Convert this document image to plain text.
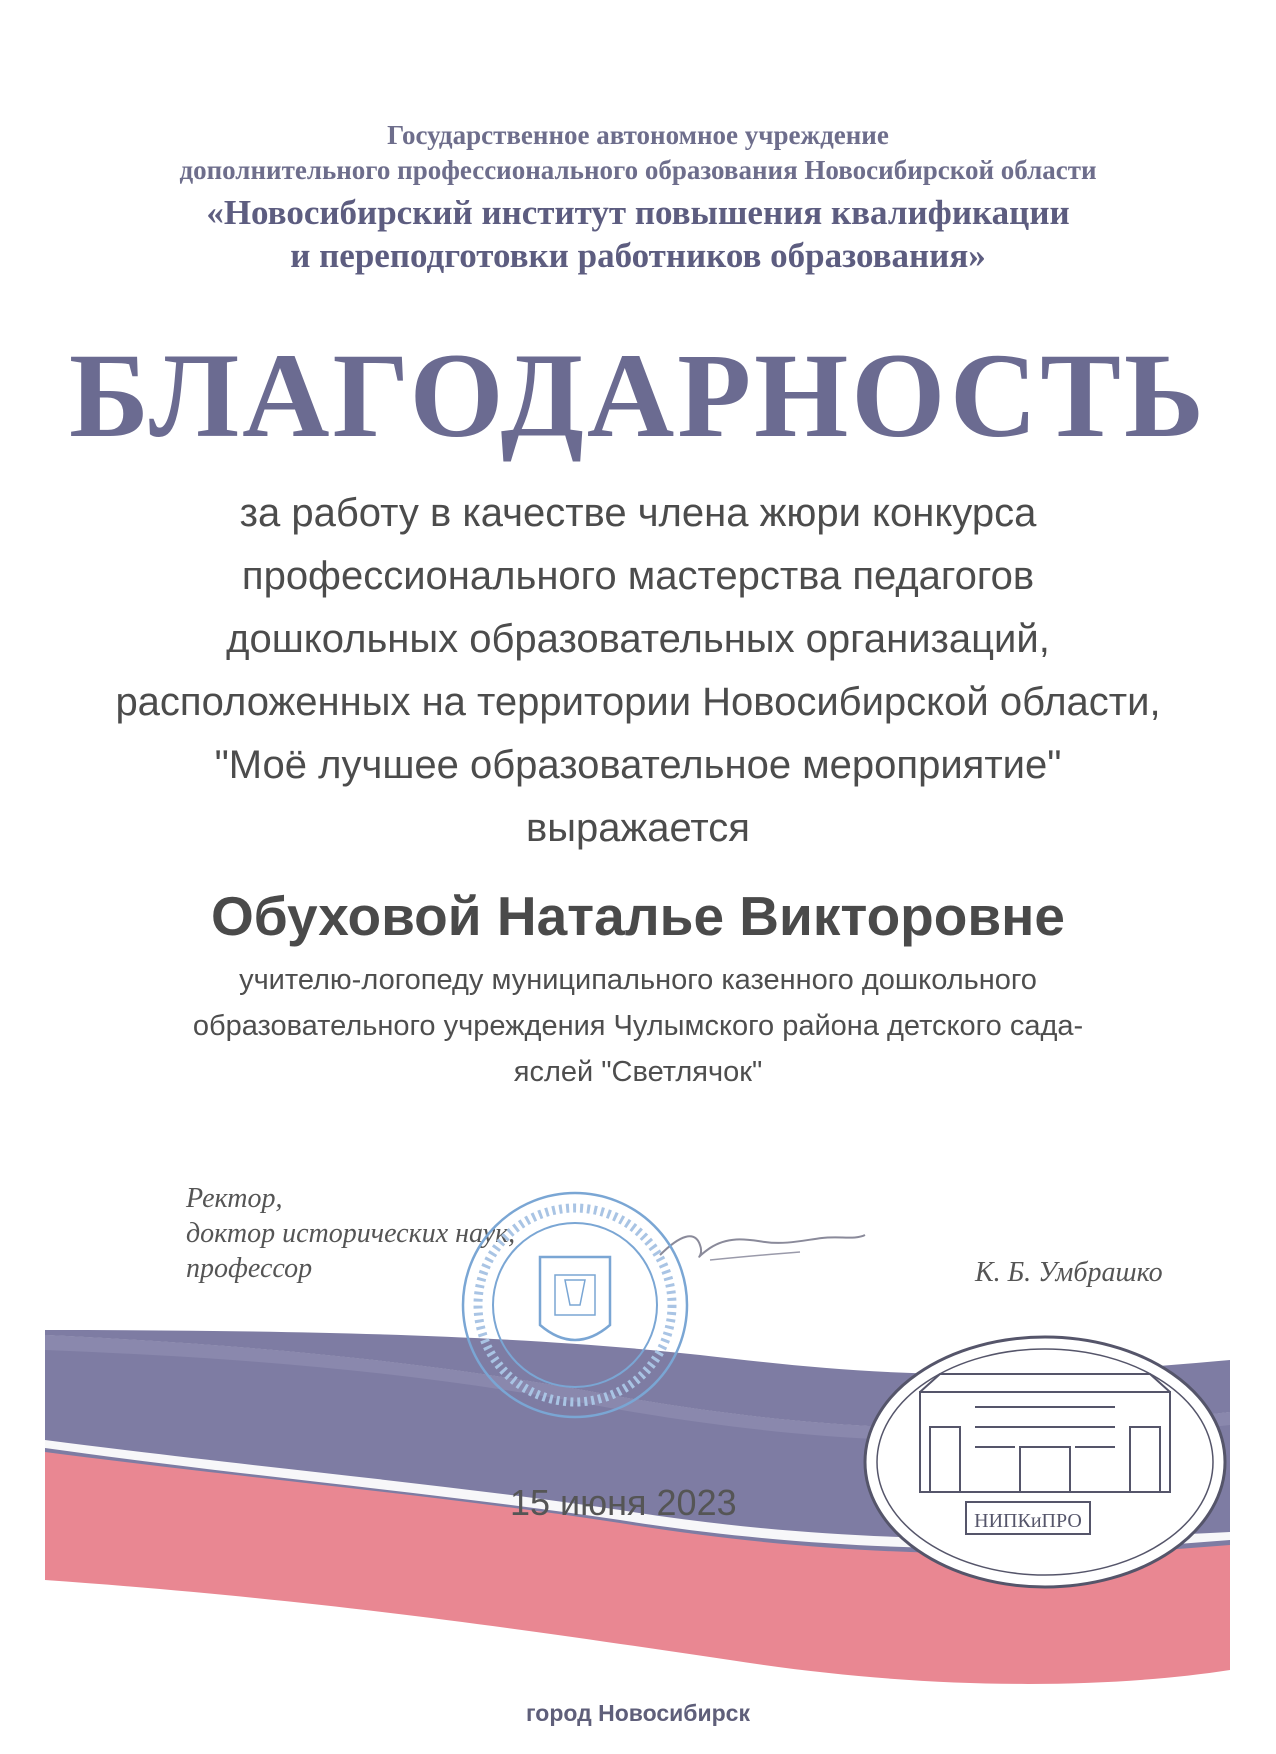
Государственное автономное учреждение
дополнительного профессионального образования Новосибирской области
«Новосибирский институт повышения квалификации
и переподготовки работников образования»
БЛАГОДАРНОСТЬ
за работу в качестве члена жюри конкурса
профессионального мастерства педагогов
дошкольных образовательных организаций,
расположенных на территории Новосибирской области,
"Моё лучшее образовательное мероприятие"
выражается
Обуховой Наталье Викторовне
учителю-логопеду муниципального казенного дошкольного
образовательного учреждения Чулымского района детского сада-
яслей "Светлячок"
Ректор,
доктор исторических наук,
профессор	К. Б. Умбрашко
НИПКиПРО
15 июня 2023
город Новосибирск
